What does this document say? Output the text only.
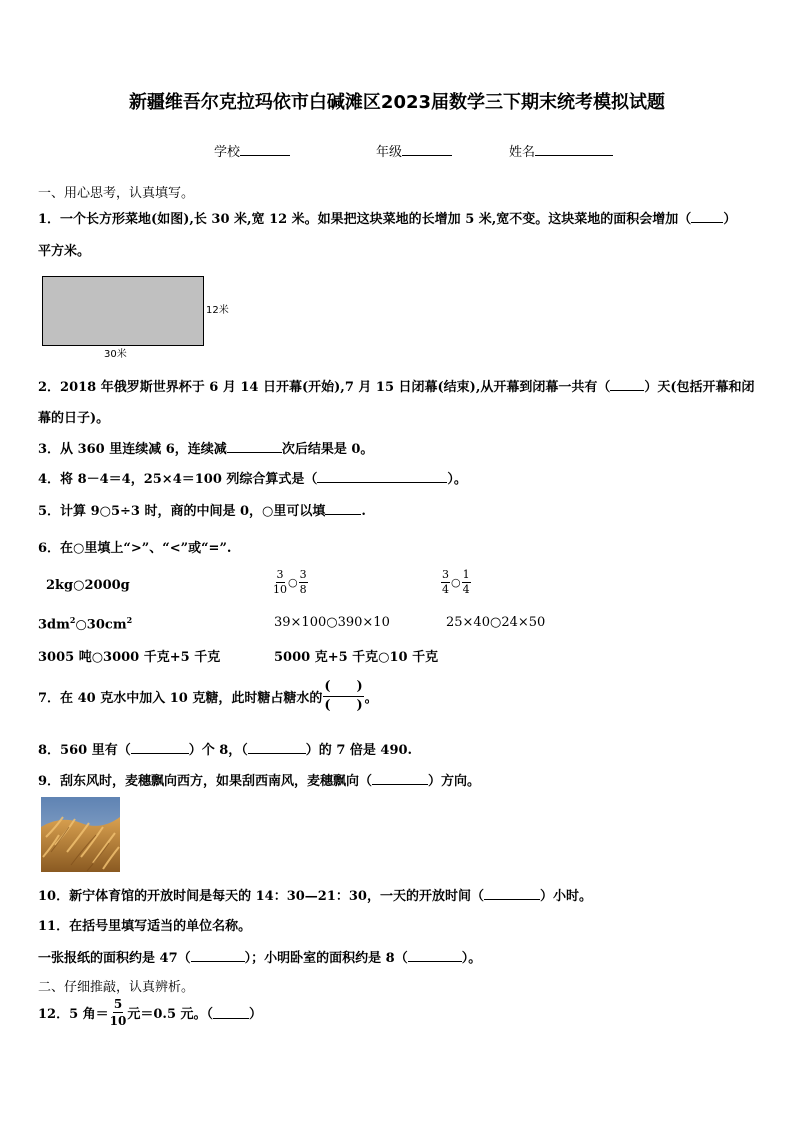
新疆维吾尔克拉玛依市白碱滩区2023届数学三下期末统考模拟试题
学校	年级	姓名
一、用心思考，认真填写。
1．一个长方形菜地(如图),长 30 米,宽 12 米。如果把这块菜地的长增加 5 米,宽不变。这块菜地的面积会增加（ ）
平方米。
12米
30米
2．2018 年俄罗斯世界杯于 6 月 14 日开幕(开始),7 月 15 日闭幕(结束),从开幕到闭幕一共有（	）天(包括开幕和闭
幕的日子)。
3．从 360 里连续减 6，连续减	次后结果是 0。
4．将 8－4＝4，25×4＝100 列综合算式是（	）。
5．计算 9○5÷3 时，商的中间是 0，○里可以填	.
6．在○里填上“>”、“<”或“=”.
2kg○2000g	$\frac{3}{10}$ ○ $\frac{3}{8}$	$\frac{3}{4}$ ○ $\frac{1}{4}$
$3dm^2○30cm^2$	39×100○390×10	25×40○24×50
3005 吨○3000 千克+5 千克	5000 克+5 千克○10 千克
7．在 40 克水中加入 10 克糖，此时糖占糖水的 $\frac{( )}{( )}$ 。
8．560 里有（	）个 8，（	）的 7 倍是 490.
9．刮东风时，麦穗飘向西方，如果刮西南风，麦穗飘向（	）方向。
10．新宁体育馆的开放时间是每天的 14：30—21：30，一天的开放时间（	）小时。
11．在括号里填写适当的单位名称。
一张报纸的面积约是 47（	）；小明卧室的面积约是 8（	）。
二、仔细推敲，认真辨析。
12．5 角＝ $\frac{5}{10}$ 元＝0.5 元。（	）
